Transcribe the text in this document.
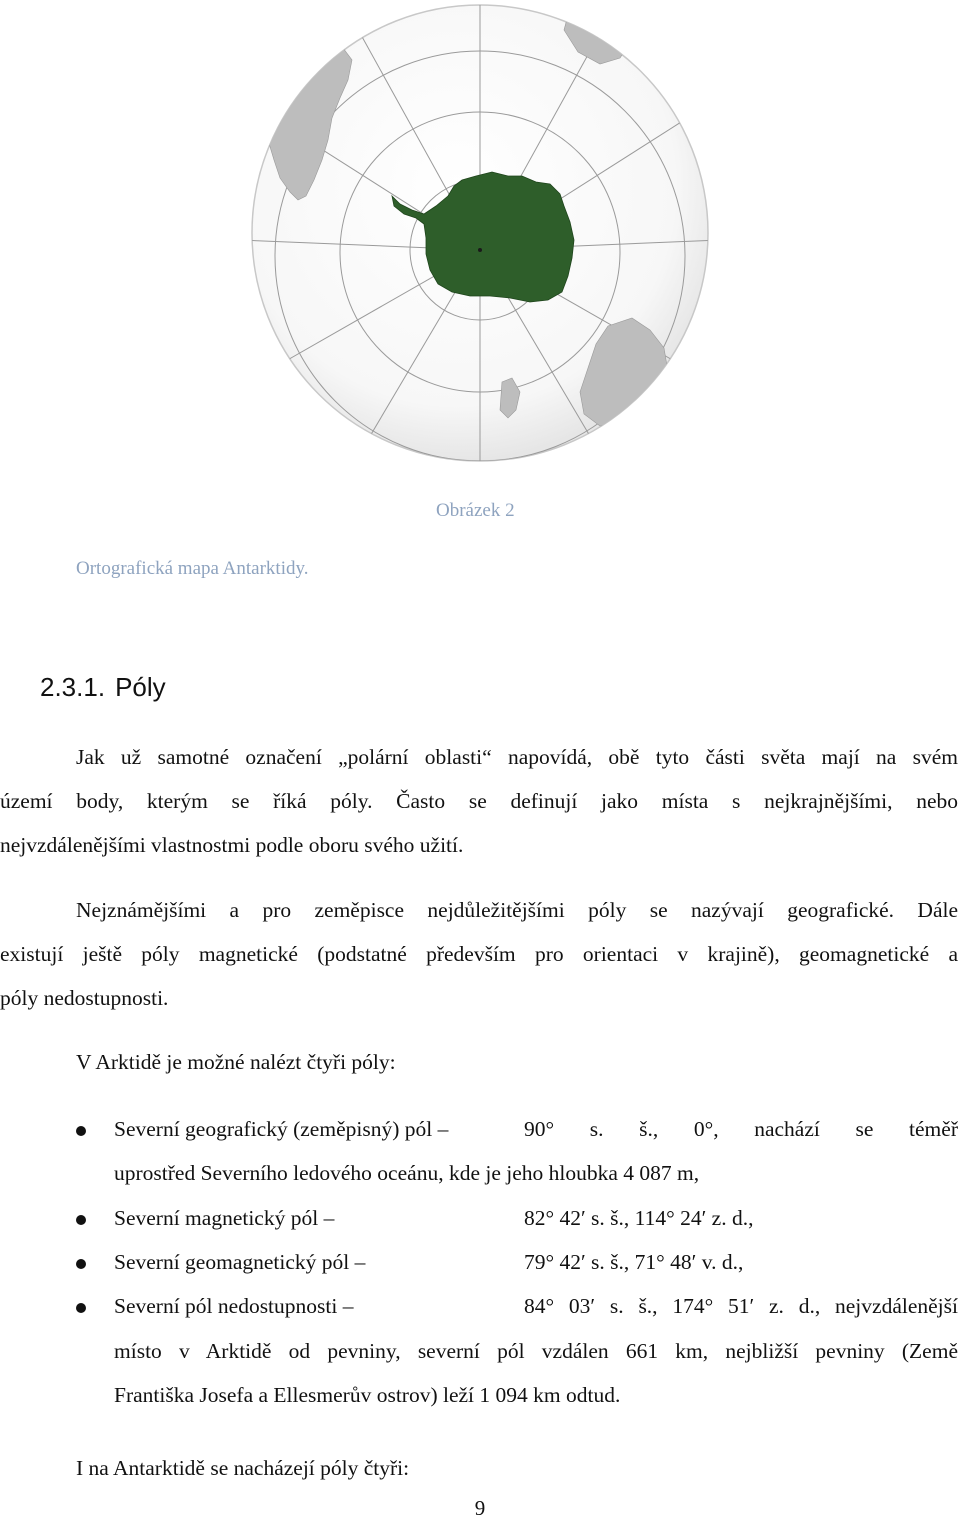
Obrázek 2
Ortografická mapa Antarktidy.
2.3.1. Póly
Jak už samotné označení „polární oblasti“ napovídá, obě tyto části světa mají na svém
území body, kterým se říká póly. Často se definují jako místa s nejkrajnějšími, nebo
nejvzdálenějšími vlastnostmi podle oboru svého užití.
Nejznámějšími a pro zeměpisce nejdůležitějšími póly se nazývají geografické. Dále
existují ještě póly magnetické (podstatné především pro orientaci v krajině), geomagnetické a
póly nedostupnosti.
V Arktidě je možné nalézt čtyři póly:
Severní geografický (zeměpisný) pól –	90° s. š., 0°, nachází se téměř
uprostřed Severního ledového oceánu, kde je jeho hloubka 4 087 m,
Severní magnetický pól –	82° 42′ s. š., 114° 24′ z. d.,
Severní geomagnetický pól –	79° 42′ s. š., 71° 48′ v. d.,
Severní pól nedostupnosti –	84° 03′ s. š., 174° 51′ z. d., nejvzdálenější
místo v Arktidě od pevniny, severní pól vzdálen 661 km, nejbližší pevniny (Země
Františka Josefa a Ellesmerův ostrov) leží 1 094 km odtud.
I na Antarktidě se nacházejí póly čtyři:
9
